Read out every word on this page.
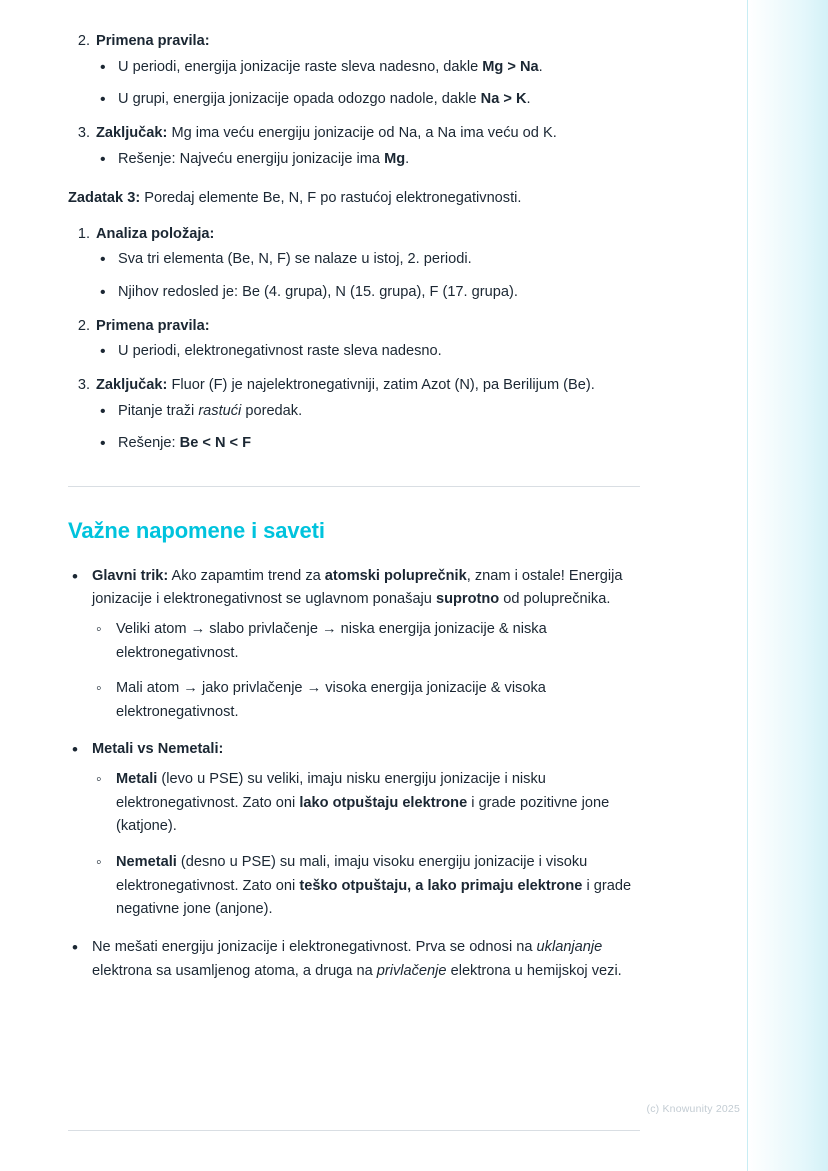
2. Primena pravila:

• U periodi, energija jonizacije raste sleva nadesno, dakle Mg > Na.
• U grupi, energija jonizacije opada odozgo nadole, dakle Na > K.
3. Zaključak: Mg ima veću energiju jonizacije od Na, a Na ima veću od K.

• Rešenje: Najveću energiju jonizacije ima Mg.

Zadatak 3: Poredaj elemente Be, N, F po rastućoj elektronegativnosti.

1. Analiza položaja:

• Sva tri elementa (Be, N, F) se nalaze u istoj, 2. periodi.
• Njihov redosled je: Be (4. grupa), N (15. grupa), F (17. grupa).
2. Primena pravila:

• U periodi, elektronegativnost raste sleva nadesno.
3. Zaključak: Fluor (F) je najelektronegativniji, zatim Azot (N), pa Berilijum (Be).

• Pitanje traži rastući poredak.
• Rešenje: Be < N < F
Važne napomene i saveti
• Glavni trik: Ako zapamtim trend za atomski poluprečnik, znam i ostale! Energija jonizacije i elektronegativnost se uglavnom ponašaju suprotno od poluprečnika.
◦ Veliki atom → slabo privlačenje → niska energija jonizacije & niska elektronegativnost.
◦ Mali atom → jako privlačenje → visoka energija jonizacije & visoka elektronegativnost.
• Metali vs Nemetali:
◦ Metali (levo u PSE) su veliki, imaju nisku energiju jonizacije i nisku elektronegativnost. Zato oni lako otpuštaju elektrone i grade pozitivne jone (katjone).
◦ Nemetali (desno u PSE) su mali, imaju visoku energiju jonizacije i visoku elektronegativnost. Zato oni teško otpuštaju, a lako primaju elektrone i grade negativne jone (anjone).
• Ne mešati energiju jonizacije i elektronegativnost. Prva se odnosi na uklanjanje elektrona sa usamljenog atoma, a druga na privlačenje elektrona u hemijskoj vezi.
(c) Knowunity 2025
